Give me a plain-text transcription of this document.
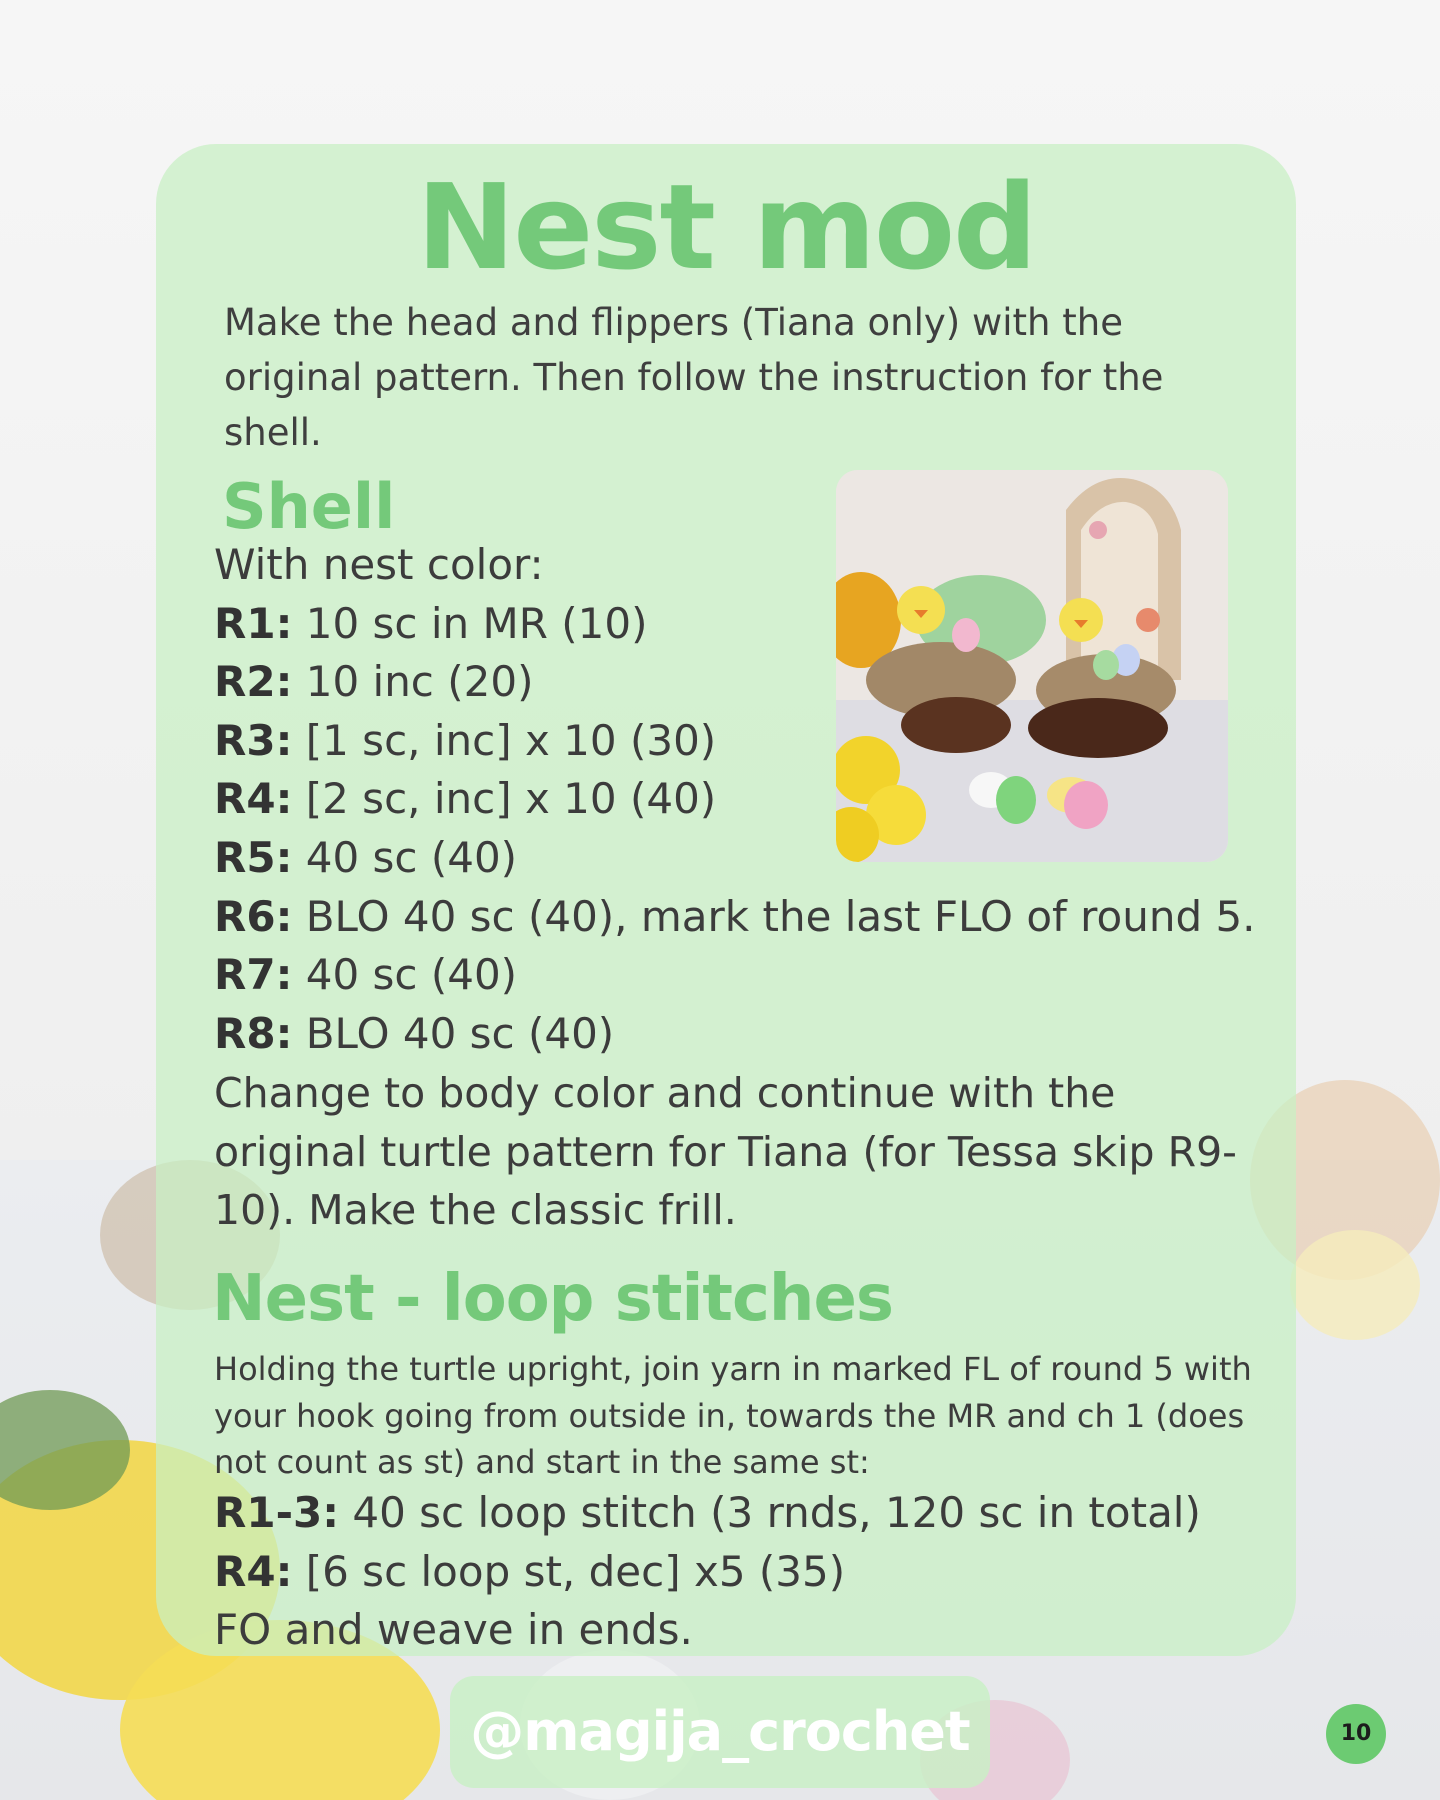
Nest mod
Make the head and flippers (Tiana only) with the original pattern. Then follow the instruction for the shell.
Shell
With nest color:
R1: 10 sc in MR (10)
R2: 10 inc (20)
R3: [1 sc, inc] x 10 (30)
R4: [2 sc, inc] x 10 (40)
R5: 40 sc (40)
R6: BLO 40 sc (40), mark the last FLO of round 5.
R7: 40 sc (40)
R8: BLO 40 sc (40)
Change to body color and continue with the original turtle pattern for Tiana (for Tessa skip R9-10). Make the classic frill.
Nest - loop stitches
Holding the turtle upright, join yarn in marked FL of round 5 with your hook going from outside in, towards the MR and ch 1 (does not count as st) and start in the same st:
R1-3: 40 sc loop stitch (3 rnds, 120 sc in total)
R4: [6 sc loop st, dec] x5 (35)
FO and weave in ends.
@magija_crochet	10
